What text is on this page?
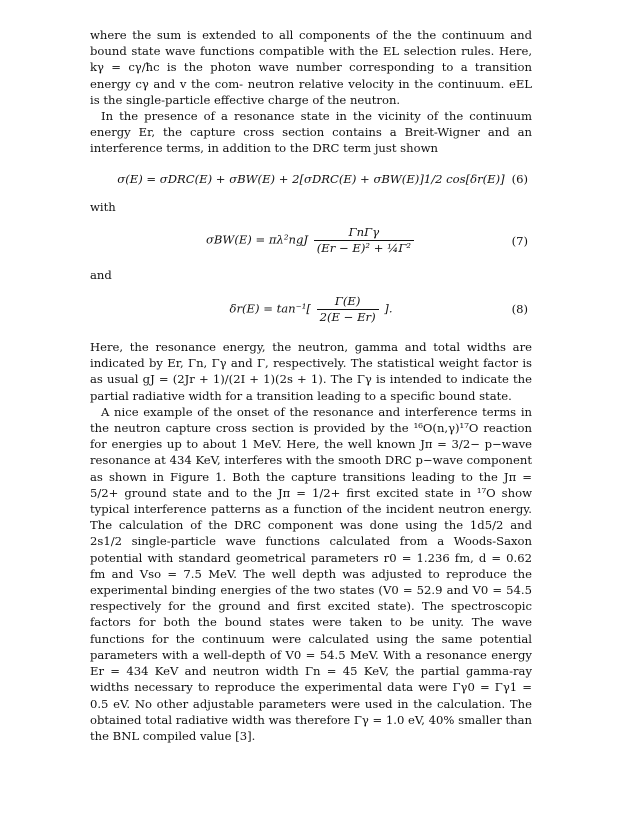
where the sum is extended to all components of the the continuum and bound state wave functions compatible with the EL selection rules. Here, kγ = cγ/ħc is the photon wave number corresponding to a transition energy cγ and v the com- neutron relative velocity in the continuum. eEL is the single-particle effective charge of the neutron.

In the presence of a resonance state in the vicinity of the continuum energy Er, the capture cross section contains a Breit-Wigner and an interference terms, in addition to the DRC term just shown

σ(E) = σDRC(E) + σBW(E) + 2[σDRC(E) + σBW(E)]1/2 cos[δr(E)] (6)

with

$\sigma BW(E) = \pi\lambda^2ngJ \frac{\text{ΓnΓγ}}{\text{(Er − E)² + ¼Γ²}}$	(7)

and

$\delta r(E) = \tan^{-1}[ \frac{\Gamma(E)}{2(E - Er)}$ ].	(8)

Here, the resonance energy, the neutron, gamma and total widths are indicated by Er, Γn, Γγ and Γ, respectively. The statistical weight factor is as usual gJ = (2Jr + 1)/(2I + 1)(2s + 1). The Γγ is intended to indicate the partial radiative width for a transition leading to a specific bound state.

A nice example of the onset of the resonance and interference terms in the neutron capture cross section is provided by the ¹⁶O(n,γ)¹⁷O reaction for energies up to about 1 MeV. Here, the well known Jπ = 3/2− p−wave resonance at 434 KeV, interferes with the smooth DRC p−wave component as shown in Figure 1. Both the capture transitions leading to the Jπ = 5/2+ ground state and to the Jπ = 1/2+ first excited state in ¹⁷O show typical interference patterns as a function of the incident neutron energy. The calculation of the DRC component was done using the 1d5/2 and 2s1/2 single-particle wave functions calculated from a Woods-Saxon potential with standard geometrical parameters r0 = 1.236 fm, d = 0.62 fm and Vso = 7.5 MeV. The well depth was adjusted to reproduce the experimental binding energies of the two states (V0 = 52.9 and V0 = 54.5 respectively for the ground and first excited state). The spectroscopic factors for both the bound states were taken to be unity. The wave functions for the continuum were calculated using the same potential parameters with a well-depth of V0 = 54.5 MeV. With a resonance energy Er = 434 KeV and neutron width Γn = 45 KeV, the partial gamma-ray widths necessary to reproduce the experimental data were Γγ0 = Γγ1 = 0.5 eV. No other adjustable parameters were used in the calculation. The obtained total radiative width was therefore Γγ = 1.0 eV, 40% smaller than the BNL compiled value [3].
